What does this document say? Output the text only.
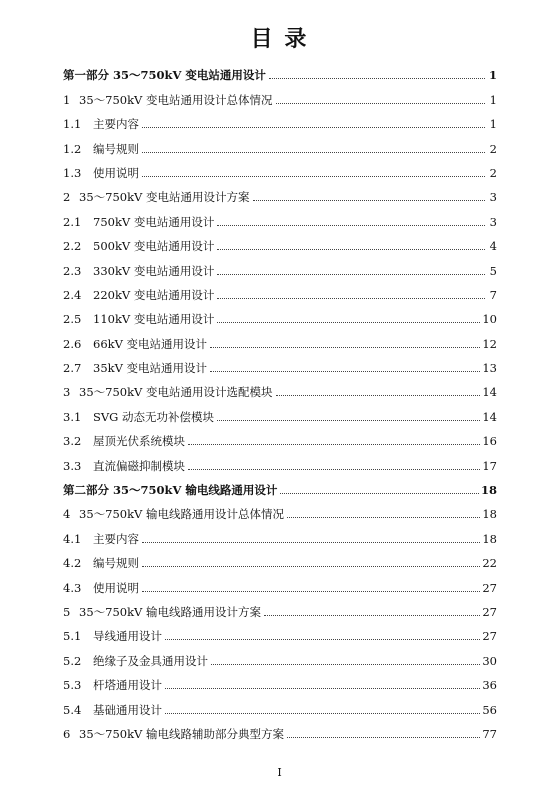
目 录
第一部分 35～750kV 变电站通用设计	1
1 35～750kV 变电站通用设计总体情况	1
1.1	主要内容	1
1.2	编号规则	2
1.3	使用说明	2
2 35～750kV 变电站通用设计方案	3
2.1	750kV 变电站通用设计	3
2.2	500kV 变电站通用设计	4
2.3	330kV 变电站通用设计	5
2.4	220kV 变电站通用设计	7
2.5	110kV 变电站通用设计	10
2.6	66kV 变电站通用设计	12
2.7	35kV 变电站通用设计	13
3 35～750kV 变电站通用设计选配模块	14
3.1	SVG 动态无功补偿模块	14
3.2	屋顶光伏系统模块	16
3.3	直流偏磁抑制模块	17
第二部分 35～750kV 输电线路通用设计	18
4 35～750kV 输电线路通用设计总体情况	18
4.1	主要内容	18
4.2	编号规则	22
4.3	使用说明	27
5 35～750kV 输电线路通用设计方案	27
5.1	导线通用设计	27
5.2	绝缘子及金具通用设计	30
5.3	杆塔通用设计	36
5.4	基础通用设计	56
6 35～750kV 输电线路辅助部分典型方案	77
I
